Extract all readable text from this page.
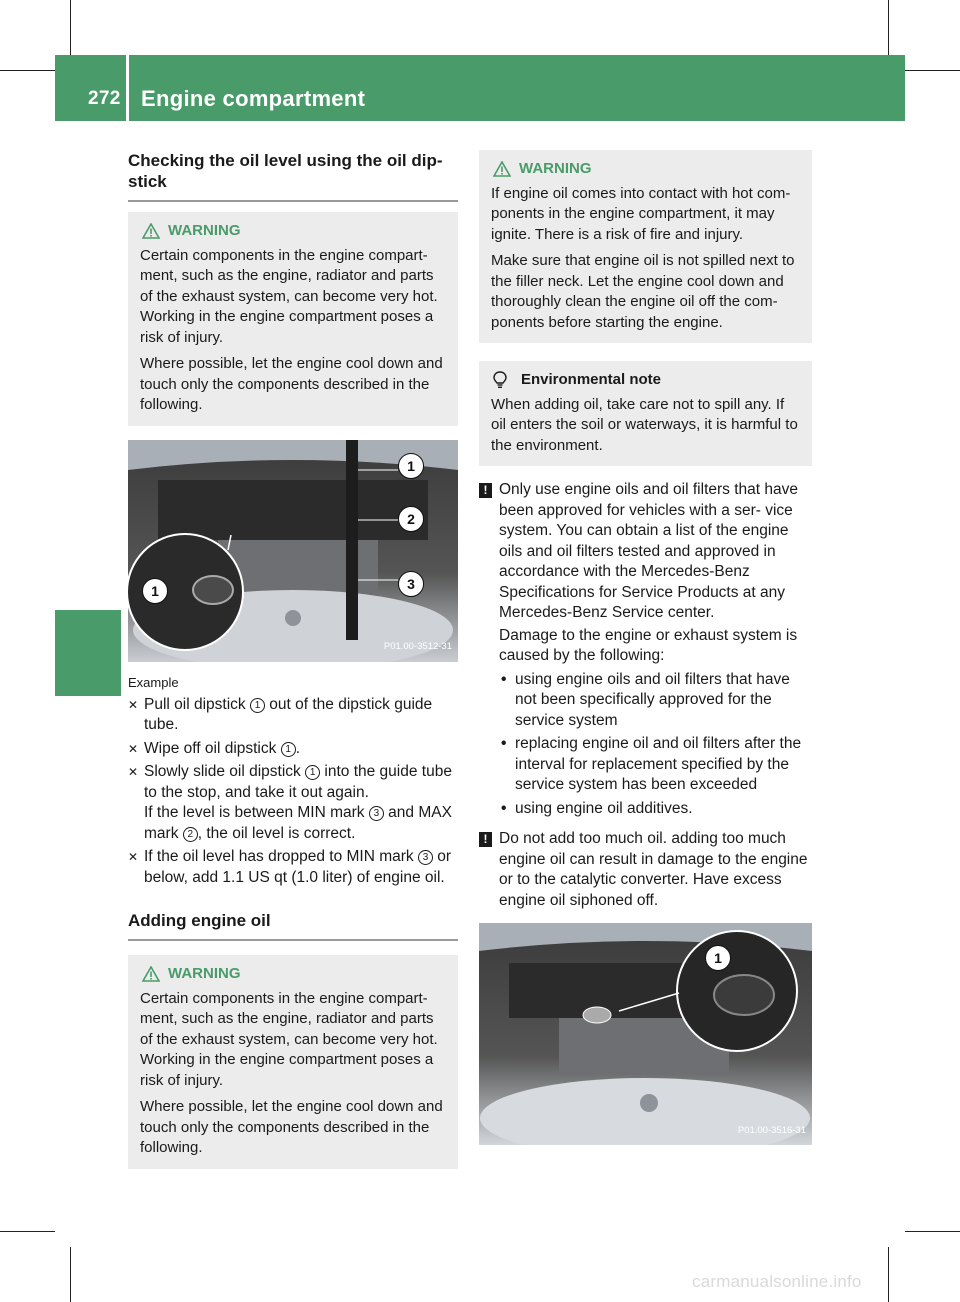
272 Engine compartment
Maintenance and care
Checking the oil level using the oil dip- stick
WARNING

Certain components in the engine compart- ment, such as the engine, radiator and parts of the exhaust system, can become very hot. Working in the engine compartment poses a risk of injury.

Where possible, let the engine cool down and touch only the components described in the following.

1
2
3
1
P01.00-3512-31
Example
✕ Pull oil dipstick 1 out of the dipstick guide tube.
✕ Wipe off oil dipstick 1 .
✕ Slowly slide oil dipstick 1 into the guide tube to the stop, and take it out again.
If the level is between MIN mark 3 and MAX mark 2 , the oil level is correct.
✕ If the oil level has dropped to MIN mark 3 or below, add 1.1 US qt (1.0 liter) of engine oil.
Adding engine oil
WARNING

Certain components in the engine compart- ment, such as the engine, radiator and parts of the exhaust system, can become very hot. Working in the engine compartment poses a risk of injury.

Where possible, let the engine cool down and touch only the components described in the following.

WARNING

If engine oil comes into contact with hot com- ponents in the engine compartment, it may ignite. There is a risk of fire and injury.

Make sure that engine oil is not spilled next to the filler neck. Let the engine cool down and thoroughly clean the engine oil off the com- ponents before starting the engine.

Environmental note

When adding oil, take care not to spill any. If oil enters the soil or waterways, it is harmful to the environment.

! Only use engine oils and oil filters that have been approved for vehicles with a ser- vice system. You can obtain a list of the engine oils and oil filters tested and approved in accordance with the Mercedes-Benz Specifications for Service Products at any Mercedes-Benz Service center.
Damage to the engine or exhaust system is caused by the following:
• using engine oils and oil filters that have not been specifically approved for the service system
• replacing engine oil and oil filters after the interval for replacement specified by the service system has been exceeded
• using engine oil additives.
! Do not add too much oil. adding too much engine oil can result in damage to the engine or to the catalytic converter. Have excess engine oil siphoned off.
1
P01.00-3516-31
carmanualsonline.info
